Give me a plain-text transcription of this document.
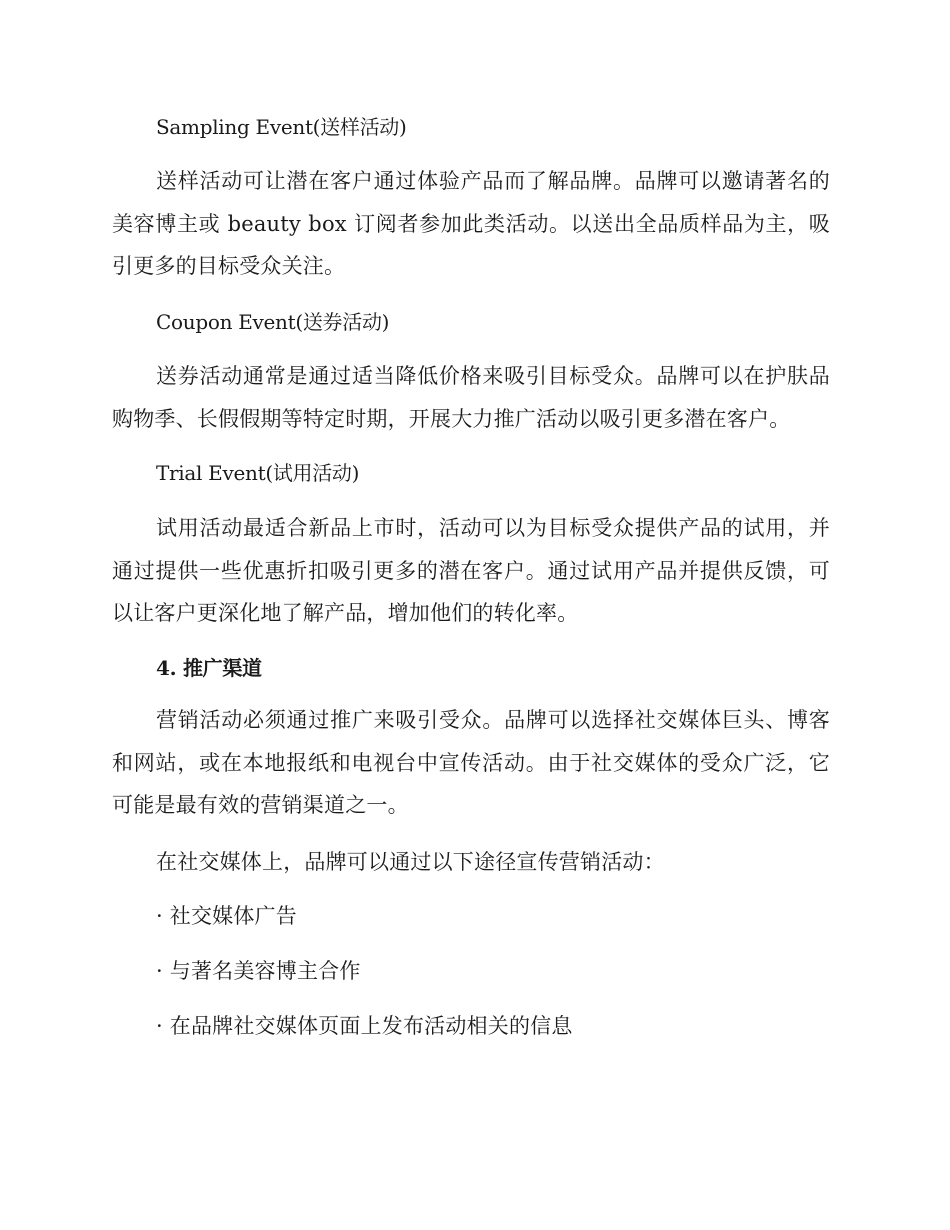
Sampling Event(送样活动)

送样活动可让潜在客户通过体验产品而了解品牌。品牌可以邀请著名的美容博主或 beauty box 订阅者参加此类活动。以送出全品质样品为主，吸引更多的目标受众关注。

Coupon Event(送券活动)

送券活动通常是通过适当降低价格来吸引目标受众。品牌可以在护肤品购物季、长假假期等特定时期，开展大力推广活动以吸引更多潜在客户。

Trial Event(试用活动)

试用活动最适合新品上市时，活动可以为目标受众提供产品的试用，并通过提供一些优惠折扣吸引更多的潜在客户。通过试用产品并提供反馈，可以让客户更深化地了解产品，增加他们的转化率。

4. 推广渠道

营销活动必须通过推广来吸引受众。品牌可以选择社交媒体巨头、博客和网站，或在本地报纸和电视台中宣传活动。由于社交媒体的受众广泛，它可能是最有效的营销渠道之一。

在社交媒体上，品牌可以通过以下途径宣传营销活动：

· 社交媒体广告

· 与著名美容博主合作

· 在品牌社交媒体页面上发布活动相关的信息
